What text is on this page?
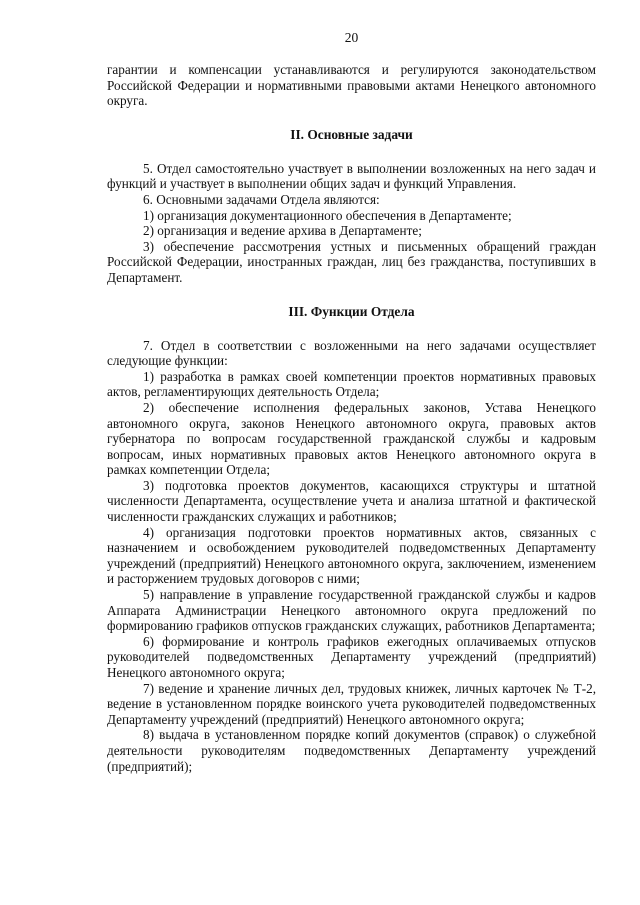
20

гарантии и компенсации устанавливаются и регулируются законодательством Российской Федерации и нормативными правовыми актами Ненецкого автономного округа.

II. Основные задачи

5. Отдел самостоятельно участвует в выполнении возложенных на него задач и функций и участвует в выполнении общих задач и функций Управления.

6. Основными задачами Отдела являются:

1) организация документационного обеспечения в Департаменте;

2) организация и ведение архива в Департаменте;

3) обеспечение рассмотрения устных и письменных обращений граждан Российской Федерации, иностранных граждан, лиц без гражданства, поступивших в Департамент.

III. Функции Отдела

7. Отдел в соответствии с возложенными на него задачами осуществляет следующие функции:

1) разработка в рамках своей компетенции проектов нормативных правовых актов, регламентирующих деятельность Отдела;

2) обеспечение исполнения федеральных законов, Устава Ненецкого автономного округа, законов Ненецкого автономного округа, правовых актов губернатора по вопросам государственной гражданской службы и кадровым вопросам, иных нормативных правовых актов Ненецкого автономного округа в рамках компетенции Отдела;

3) подготовка проектов документов, касающихся структуры и штатной численности Департамента, осуществление учета и анализа штатной и фактической численности гражданских служащих и работников;

4) организация подготовки проектов нормативных актов, связанных с назначением и освобождением руководителей подведомственных Департаменту учреждений (предприятий) Ненецкого автономного округа, заключением, изменением и расторжением трудовых договоров с ними;

5) направление в управление государственной гражданской службы и кадров Аппарата Администрации Ненецкого автономного округа предложений по формированию графиков отпусков гражданских служащих, работников Департамента;

6) формирование и контроль графиков ежегодных оплачиваемых отпусков руководителей подведомственных Департаменту учреждений (предприятий) Ненецкого автономного округа;

7) ведение и хранение личных дел, трудовых книжек, личных карточек № Т-2, ведение в установленном порядке воинского учета руководителей подведомственных Департаменту учреждений (предприятий) Ненецкого автономного округа;

8) выдача в установленном порядке копий документов (справок) о служебной деятельности руководителям подведомственных Департаменту учреждений (предприятий);
